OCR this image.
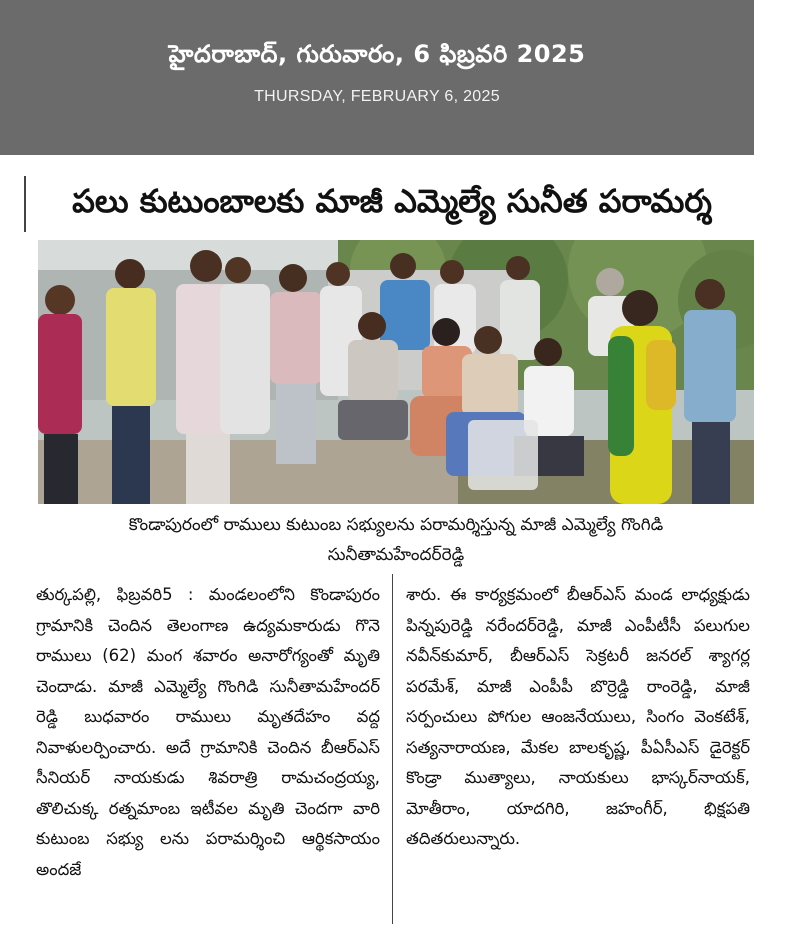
హైదరాబాద్, గురువారం, 6 ఫిబ్రవరి 2025
THURSDAY, FEBRUARY 6, 2025
పలు కుటుంబాలకు మాజీ ఎమ్మెల్యే సునీత పరామర్శ
కొండాపురంలో రాములు కుటుంబ సభ్యులను పరామర్శిస్తున్న మాజీ ఎమ్మెల్యే గొంగిడి
సునీతామహేందర్‌రెడ్డి

తుర్కపల్లి, ఫిబ్రవరి5 : మండలంలోని కొండాపురం గ్రామానికి చెందిన తెలంగాణ ఉద్యమకారుడు గొనె రాములు (62) మంగ శవారం అనారోగ్యంతో మృతి చెందాడు. మాజీ ఎమ్మెల్యే గొంగిడి సునీతామహేందర్ రెడ్డి బుధవారం రాములు మృతదేహం వద్ద నివాళులర్పించారు. అదే గ్రామానికి చెందిన బీఆర్‌ఎస్ సీనియర్ నాయకుడు శివరాత్రి రామచంద్రయ్య, తొలిచుక్క రత్నమాంబ ఇటీవల మృతి చెందగా వారి కుటుంబ సభ్యు లను పరామర్శించి ఆర్థికసాయం అందజే

శారు. ఈ కార్యక్రమంలో బీఆర్‌ఎస్ మండ లాధ్యక్షుడు పిన్నపురెడ్డి నరేందర్‌రెడ్డి, మాజీ ఎంపీటీసీ పలుగుల నవీన్‌కుమార్, బీఆర్‌ఎస్ సెక్రటరీ జనరల్ శ్యాగర్ల పరమేశ్, మాజీ ఎంపీపీ బొర్రెడ్డి రాంరెడ్డి, మాజీ సర్పంచులు పోగుల ఆంజనేయులు, సింగం వెంకటేశ్, సత్యనారాయణ, మేకల బాలకృష్ణ, పీఏసీఎస్ డైరెక్టర్ కొండ్రా ముత్యాలు, నాయకులు భాస్కర్‌నాయక్, మోతీరాం, యాదగిరి, జహంగీర్, భిక్షపతి తదితరులున్నారు.
